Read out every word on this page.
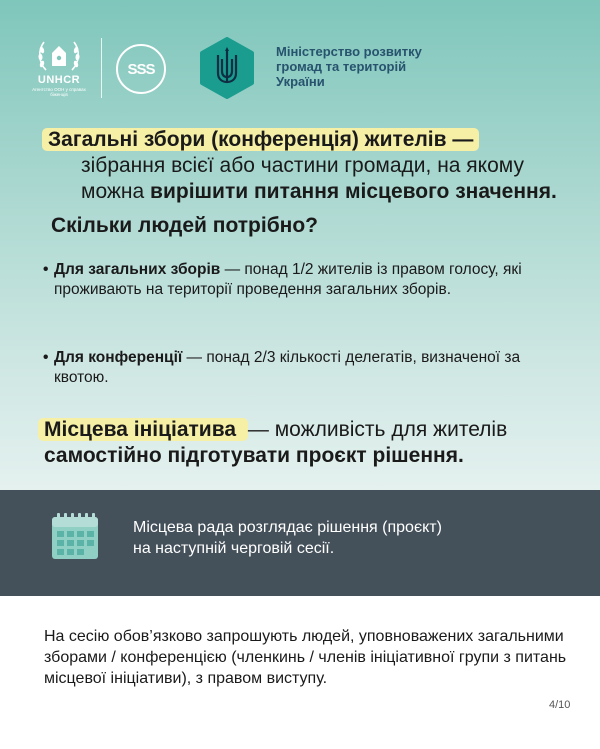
UNHCR
Агентство ООН у справах біженців
SSS
Міністерство розвитку
громад та територій
України
Загальні збори (конференція) жителів —
зібрання всієї або частини громади, на якому
можна вирішити питання місцевого значення.
Скільки людей потрібно?
• Для загальних зборів — понад 1/2 жителів із правом голосу, які проживають на території проведення загальних зборів.
• Для конференції — понад 2/3 кількості делегатів, визначеної за квотою.
Місцева ініціатива — можливість для жителів
самостійно підготувати проєкт рішення.
Місцева рада розглядає рішення (проєкт)
на наступній черговій сесії.
На сесію обов’язково запрошують людей, уповноважених загальними зборами / конференцією (членкинь / членів ініціативної групи з питань місцевої ініціативи), з правом виступу.
4/10
